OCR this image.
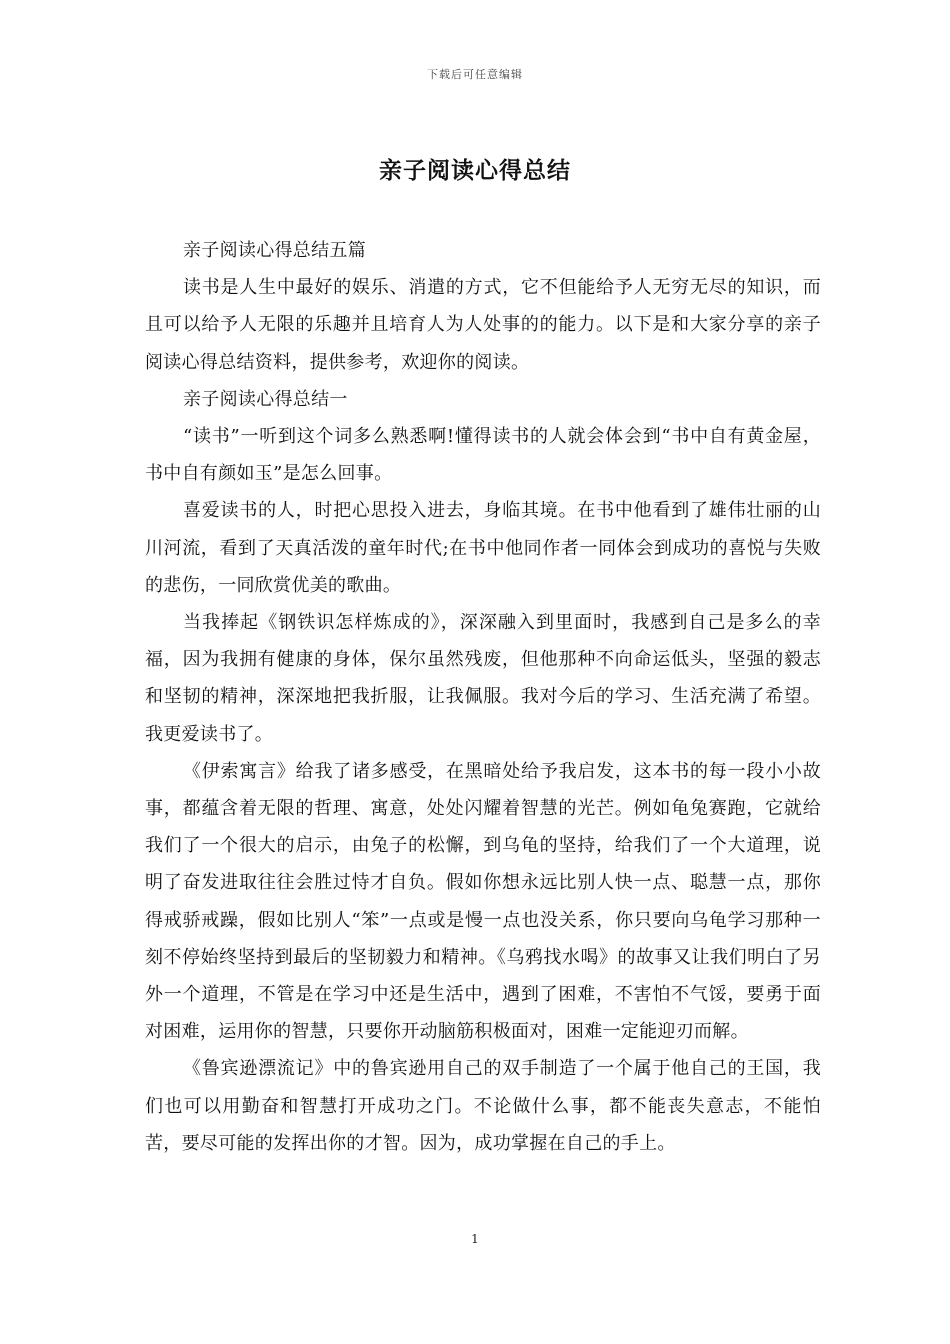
下载后可任意编辑
亲子阅读心得总结

亲子阅读心得总结五篇

读书是人生中最好的娱乐、消遣的方式，它不但能给予人无穷无尽的知识，而且可以给予人无限的乐趣并且培育人为人处事的的能力。以下是和大家分享的亲子阅读心得总结资料，提供参考，欢迎你的阅读。

亲子阅读心得总结一

“读书”一听到这个词多么熟悉啊!懂得读书的人就会体会到“书中自有黄金屋，书中自有颜如玉”是怎么回事。

喜爱读书的人，时把心思投入进去，身临其境。在书中他看到了雄伟壮丽的山川河流，看到了天真活泼的童年时代;在书中他同作者一同体会到成功的喜悦与失败的悲伤，一同欣赏优美的歌曲。

当我捧起《钢铁识怎样炼成的》，深深融入到里面时，我感到自己是多么的幸福，因为我拥有健康的身体，保尔虽然残废，但他那种不向命运低头，坚强的毅志和坚韧的精神，深深地把我折服，让我佩服。我对今后的学习、生活充满了希望。我更爱读书了。

《伊索寓言》给我了诸多感受，在黑暗处给予我启发，这本书的每一段小小故事，都蕴含着无限的哲理、寓意，处处闪耀着智慧的光芒。例如龟兔赛跑，它就给我们了一个很大的启示，由兔子的松懈，到乌龟的坚持，给我们了一个大道理，说明了奋发进取往往会胜过恃才自负。假如你想永远比别人快一点、聪慧一点，那你得戒骄戒躁，假如比别人“笨”一点或是慢一点也没关系，你只要向乌龟学习那种一刻不停始终坚持到最后的坚韧毅力和精神。《乌鸦找水喝》的故事又让我们明白了另外一个道理，不管是在学习中还是生活中，遇到了困难，不害怕不气馁，要勇于面对困难，运用你的智慧，只要你开动脑筋积极面对，困难一定能迎刃而解。

《鲁宾逊漂流记》中的鲁宾逊用自己的双手制造了一个属于他自己的王国，我们也可以用勤奋和智慧打开成功之门。不论做什么事，都不能丧失意志，不能怕苦，要尽可能的发挥出你的才智。因为，成功掌握在自己的手上。

1
